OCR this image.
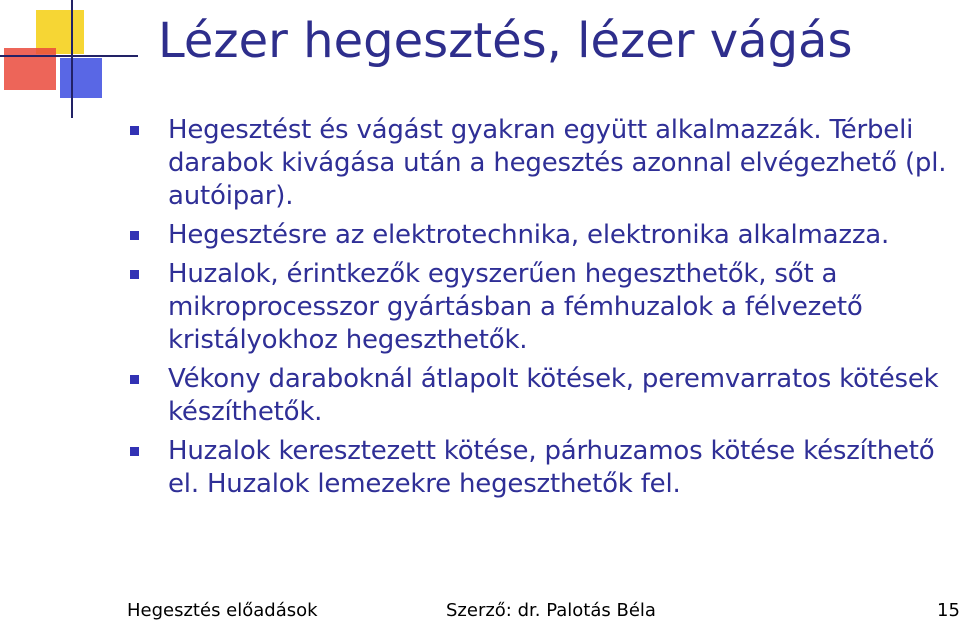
Lézer hegesztés, lézer vágás
Hegesztést és vágást gyakran együtt alkalmazzák. Térbeli darabok kivágása után a hegesztés azonnal elvégezhető (pl. autóipar).
Hegesztésre az elektrotechnika, elektronika alkalmazza.
Huzalok, érintkezők egyszerűen hegeszthetők, sőt a mikroprocesszor gyártásban a fémhuzalok a félvezető kristályokhoz hegeszthetők.
Vékony daraboknál átlapolt kötések, peremvarratos kötések készíthetők.
Huzalok keresztezett kötése, párhuzamos kötése készíthető el. Huzalok lemezekre hegeszthetők fel.
Hegesztés előadások	Szerző: dr. Palotás Béla	15
